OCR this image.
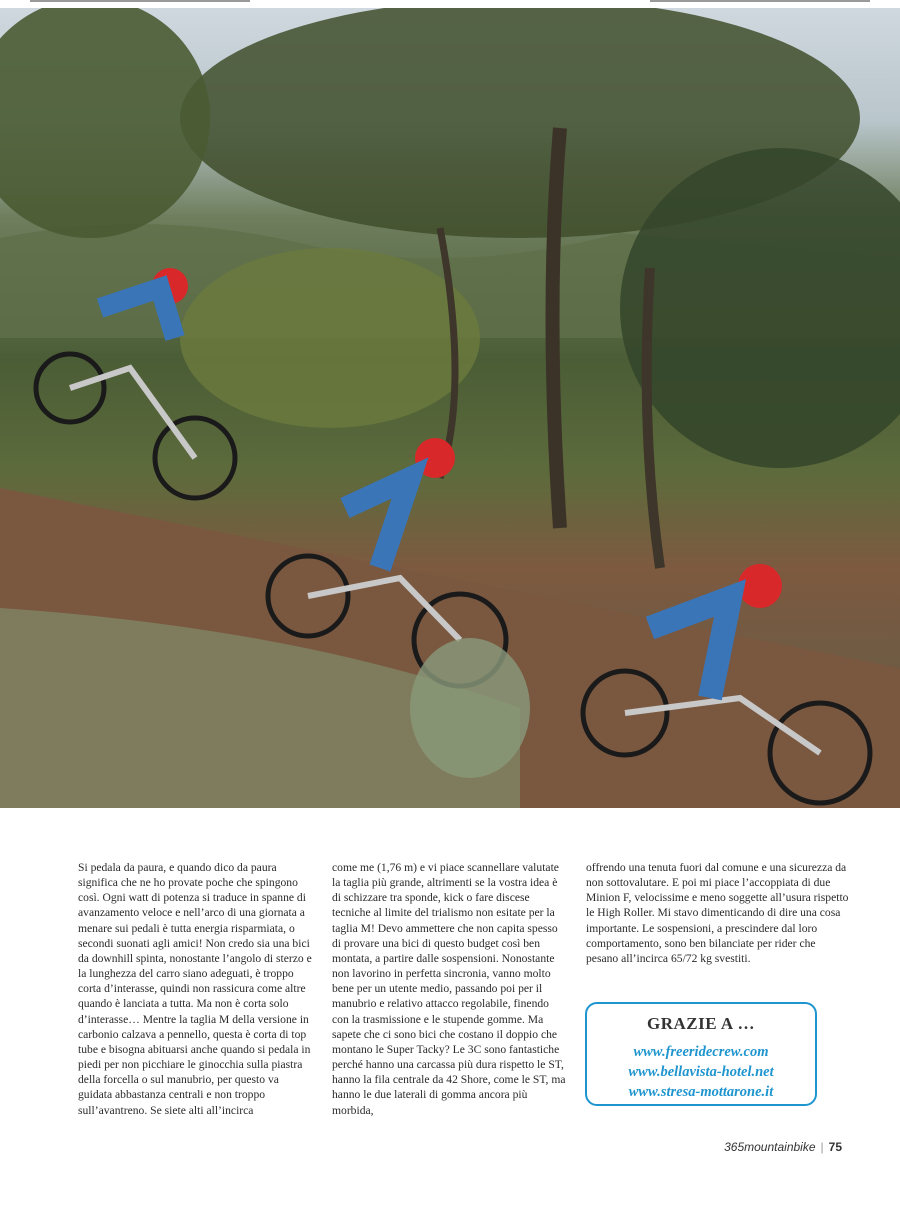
Si pedala da paura, e quando dico da paura significa che ne ho provate poche che spingono così. Ogni watt di potenza si traduce in spanne di avanzamento veloce e nell’arco di una giornata a menare sui pedali è tutta energia risparmiata, o secondi suonati agli amici! Non credo sia una bici da downhill spinta, nonostante l’angolo di sterzo e la lunghezza del carro siano adeguati, è troppo corta d’interasse, quindi non rassicura come altre quando è lanciata a tutta. Ma non è corta solo d’interasse… Mentre la taglia M della versione in carbonio calzava a pennello, questa è corta di top tube e bisogna abituarsi anche quando si pedala in piedi per non picchiare le ginocchia sulla piastra della forcella o sul manubrio, per questo va guidata abbastanza centrali e non troppo sull’avantreno. Se siete alti all’incirca

come me (1,76 m) e vi piace scannellare valutate la taglia più grande, altrimenti se la vostra idea è di schizzare tra sponde, kick o fare discese tecniche al limite del trialismo non esitate per la taglia M! Devo ammettere che non capita spesso di provare una bici di questo budget così ben montata, a partire dalle sospensioni. Nonostante non lavorino in perfetta sincronia, vanno molto bene per un utente medio, passando poi per il manubrio e relativo attacco regolabile, finendo con la trasmissione e le stupende gomme. Ma sapete che ci sono bici che costano il doppio che montano le Super Tacky? Le 3C sono fantastiche perché hanno una carcassa più dura rispetto le ST, hanno la fila centrale da 42 Shore, come le ST, ma hanno le due laterali di gomma ancora più morbida,

offrendo una tenuta fuori dal comune e una sicurezza da non sottovalutare. E poi mi piace l’accoppiata di due Minion F, velocissime e meno soggette all’usura rispetto le High Roller. Mi stavo dimenticando di dire una cosa importante. Le sospensioni, a prescindere dal loro comportamento, sono ben bilanciate per rider che pesano all’incirca 65/72 kg svestiti.

GRAZIE A …
www.freeridecrew.com
www.bellavista-hotel.net
www.stresa-mottarone.it
365mountainbike | 75
